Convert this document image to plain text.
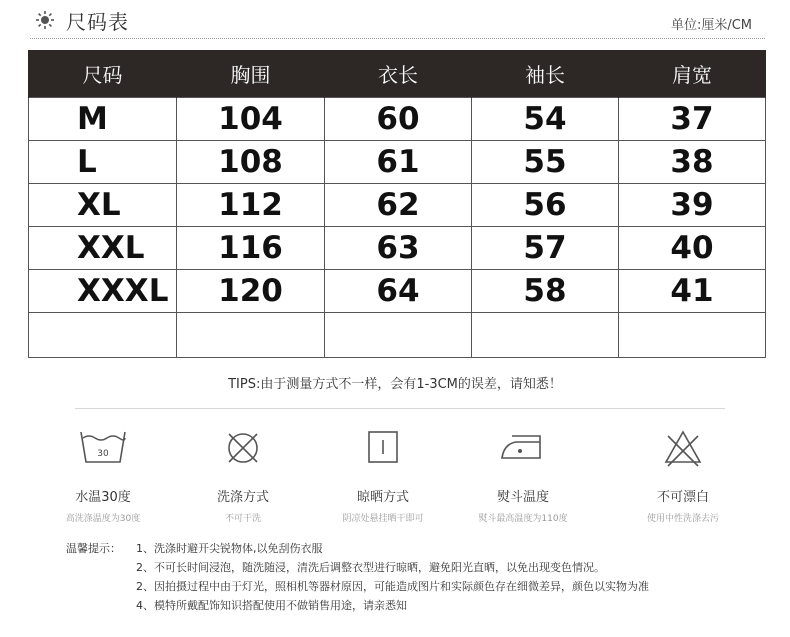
尺码表	单位:厘米/CM
尺码	胸围	衣长	袖长	肩宽
M	104	60	54	37
L	108	61	55	38
XL	112	62	56	39
XXL	116	63	57	40
XXXL	120	64	58	41

TIPS:由于测量方式不一样，会有1-3CM的误差，请知悉！
30
水温30度
高洗涤温度为30度
洗涤方式
不可干洗
晾晒方式
阴凉处悬挂晒干即可
熨斗温度
熨斗最高温度为110度
不可漂白
使用中性洗涤去污
温馨提示：	1、洗涤时避开尖锐物体,以免刮伤衣服
2、不可长时间浸泡，随洗随浸，清洗后调整衣型进行晾晒，避免阳光直晒，以免出现变色情况。
2、因拍摄过程中由于灯光，照相机等器材原因，可能造成图片和实际颜色存在细微差异，颜色以实物为准
4、模特所戴配饰知识搭配使用不做销售用途，请亲悉知
